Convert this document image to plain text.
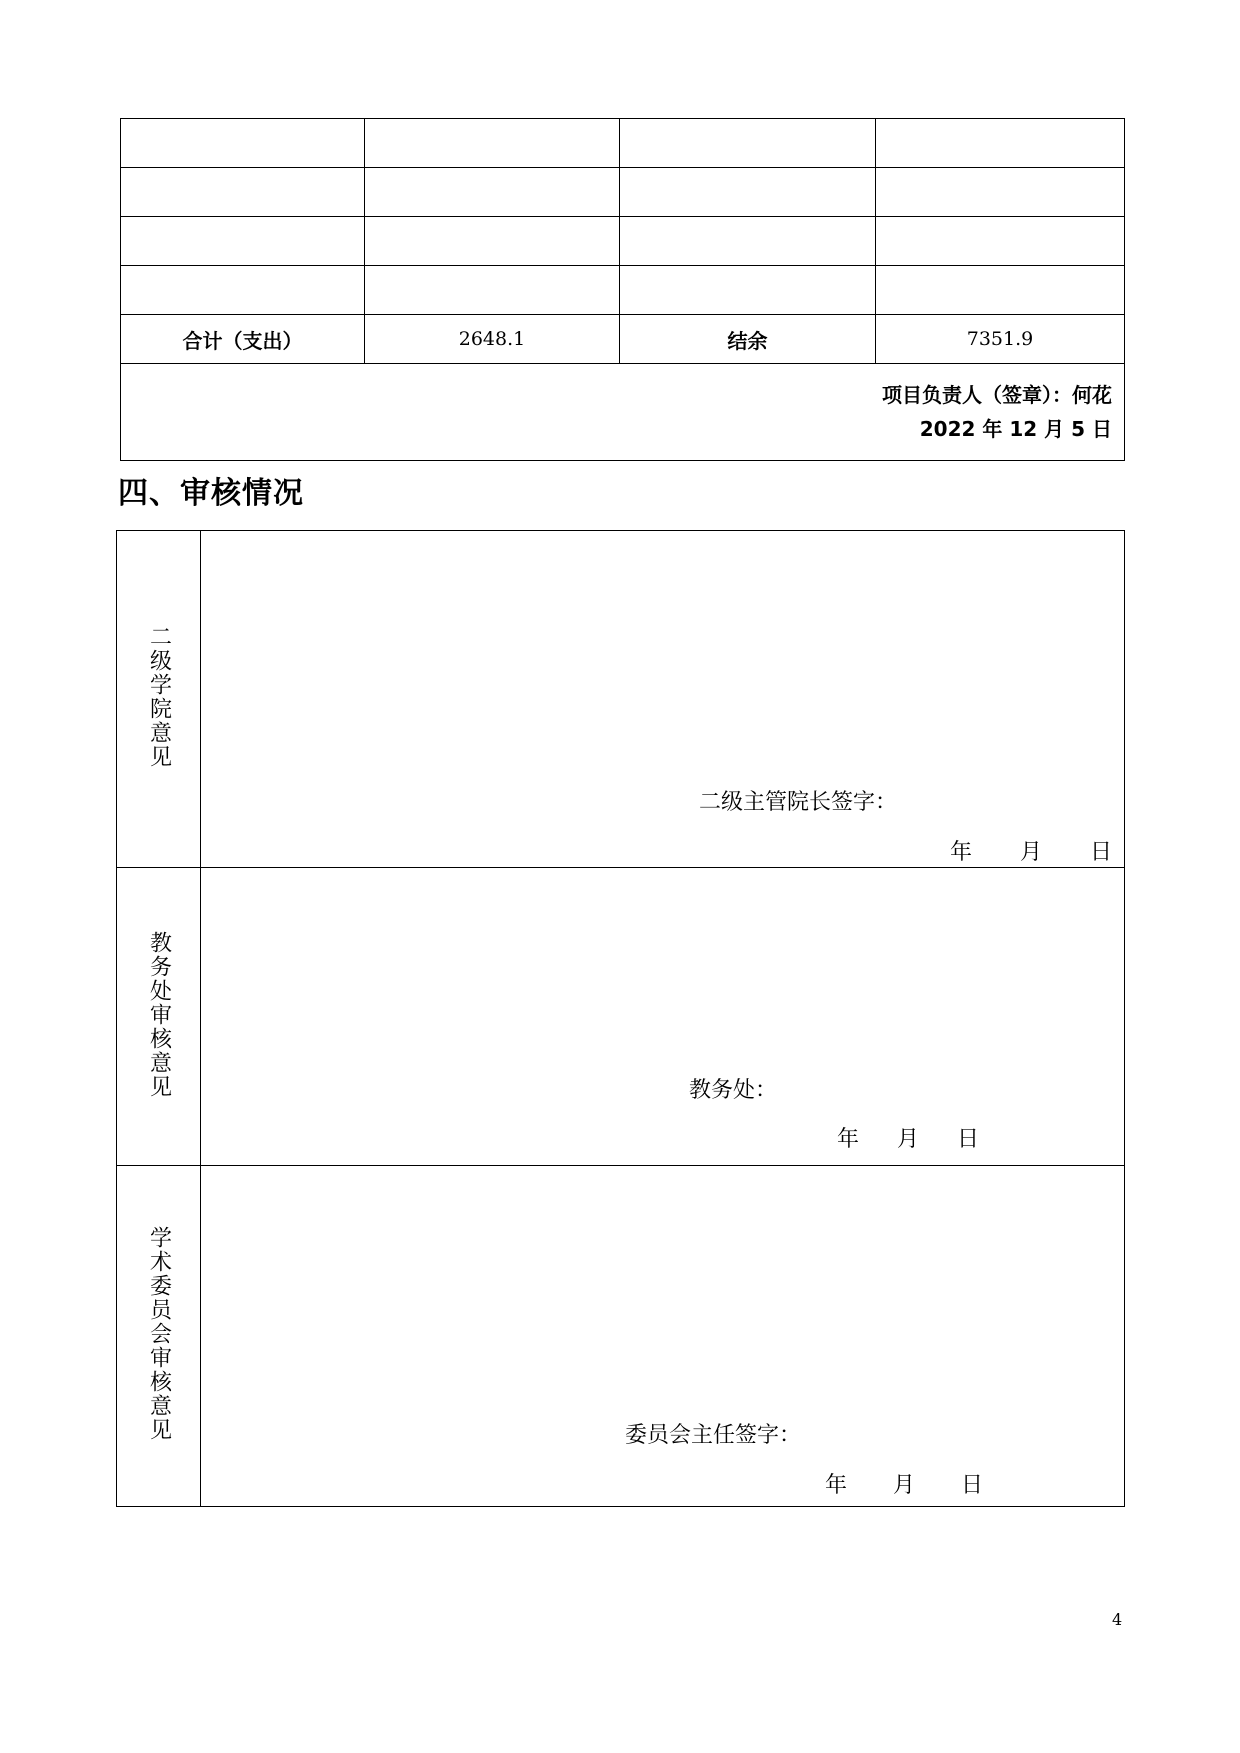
合计（支出）	2648.1	结余	7351.9

项目负责人（签章）：何花
2022 年 12 月 5 日			
四、审核情况
二级学院意见	二级主管院长签字：
年 月 日

教务处审核意见	教务处：
年 月 日

学术委员会审核意见	委员会主任签字：
年 月 日
4
